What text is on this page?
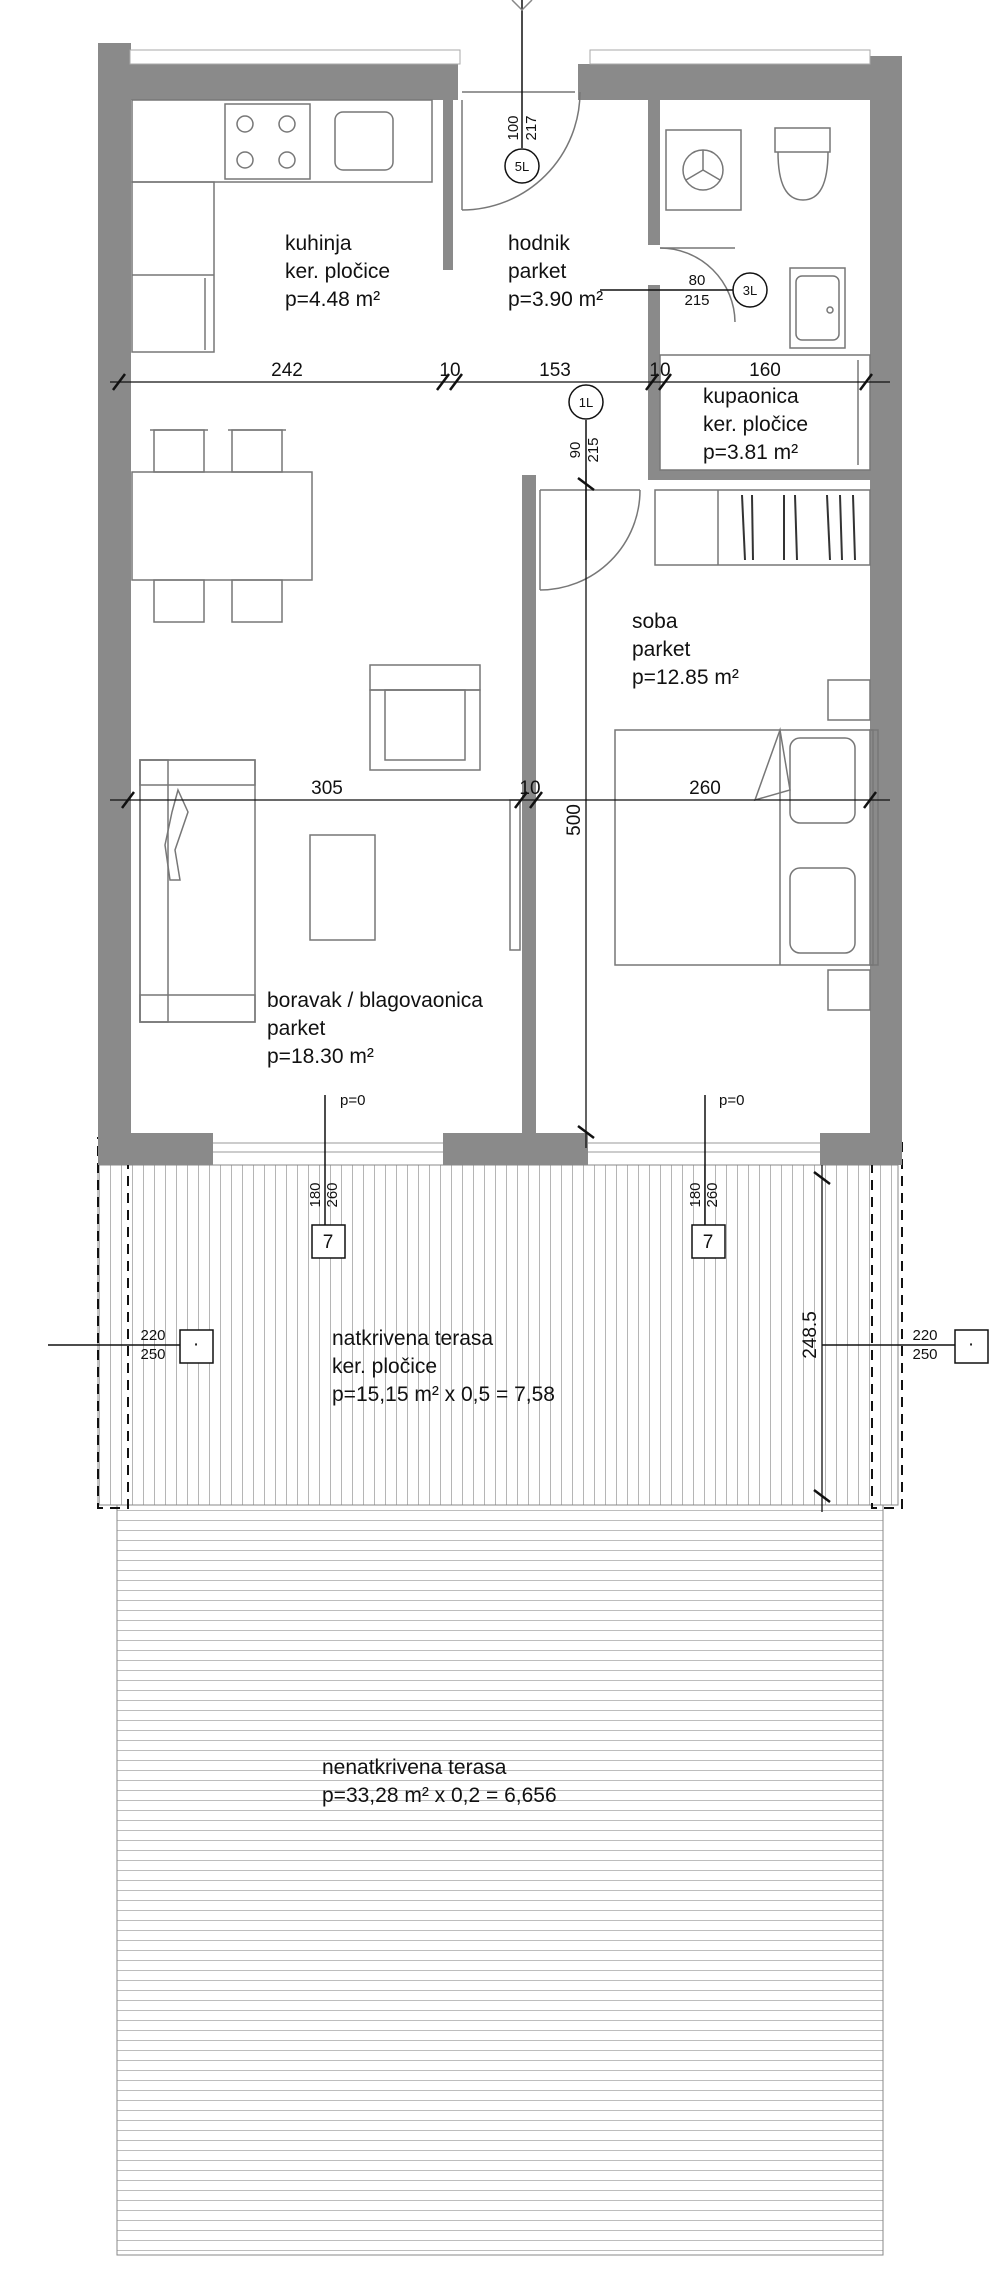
kuhinja
ker. pločice
p=4.48 m²
hodnik
parket
p=3.90 m²
kupaonica
ker. pločice
p=3.81 m²
soba
parket
p=12.85 m²
boravak / blagovaonica
parket
p=18.30 m²
natkrivena terasa
ker. pločice
p=15,15 m² x 0,5 = 7,58
nenatkrivena terasa
p=33,28 m² x 0,2 = 6,656
242	10	153	10	160
305	10	260
500
248.5
100 217
5L
80
215
3L
90 215
1L
p=0
180 260
7
p=0
180 260
7
220
250 ·	220
250 ·
